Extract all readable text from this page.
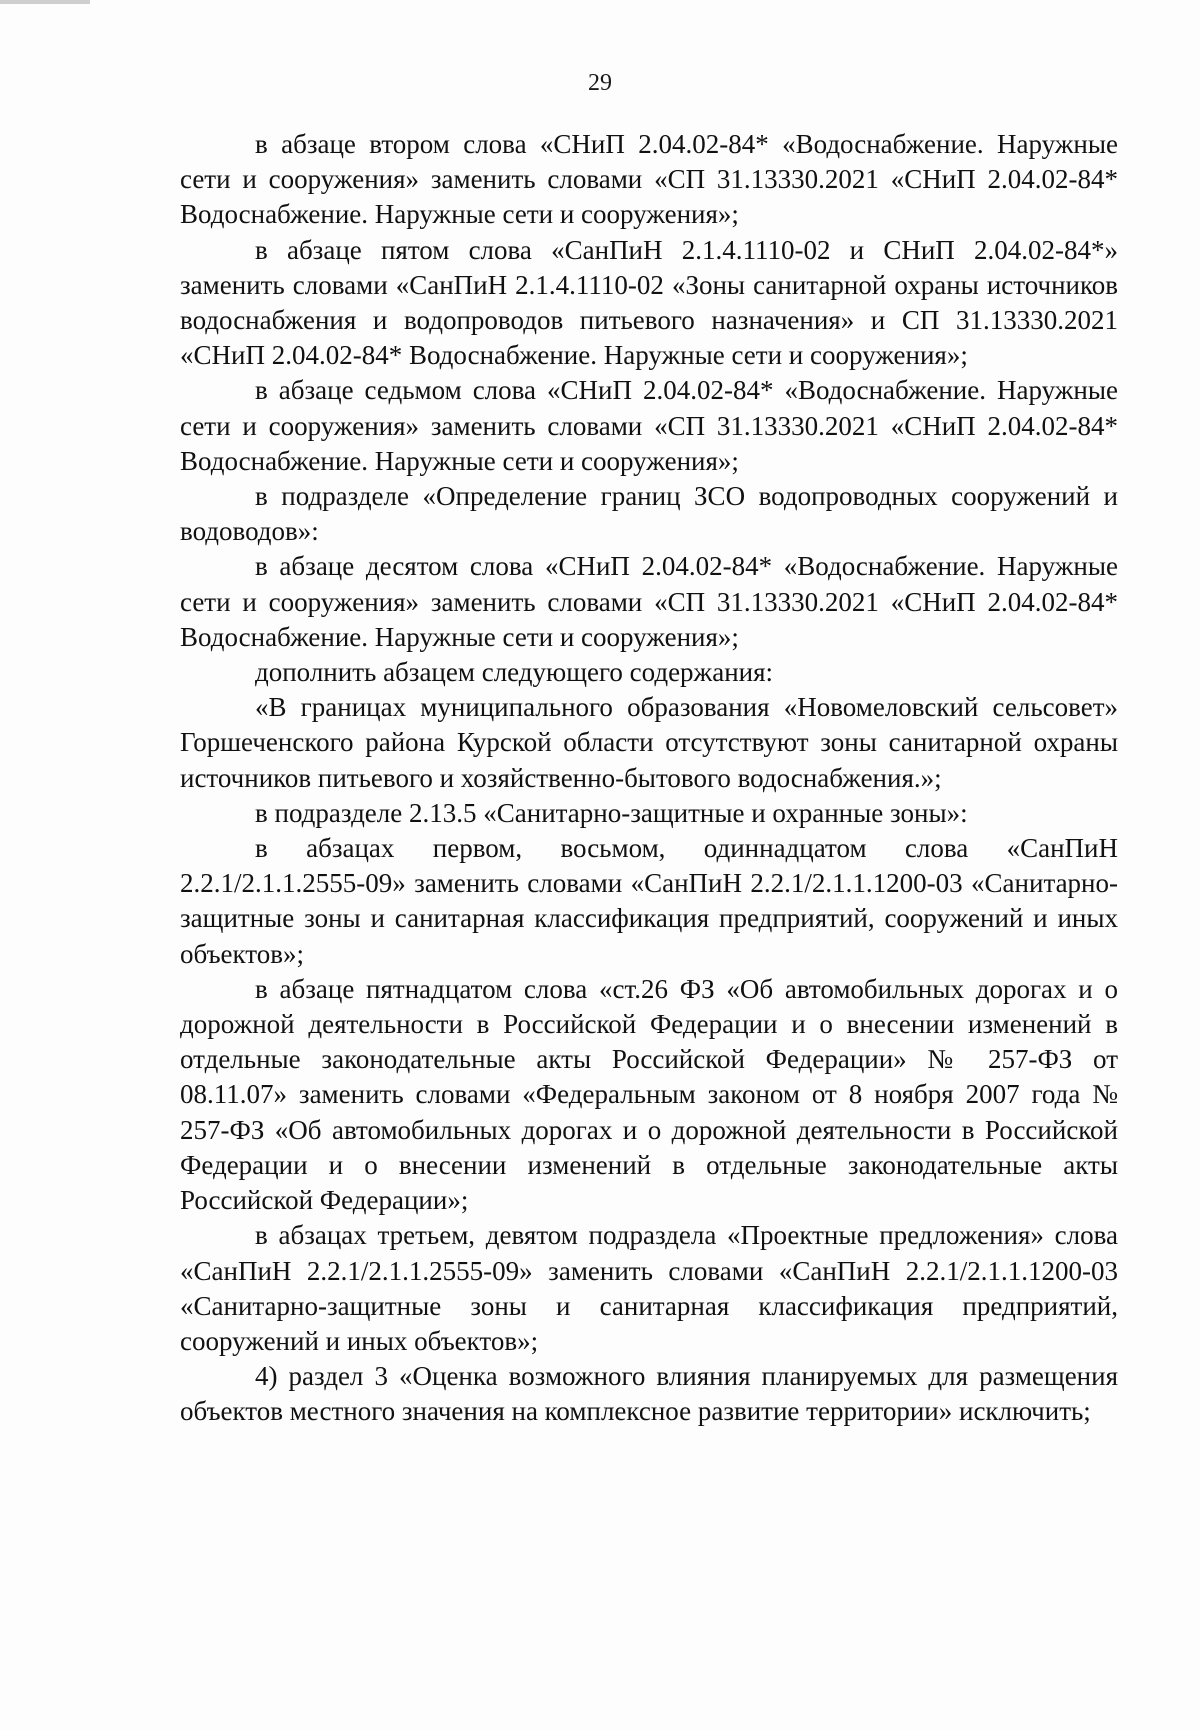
29

в абзаце втором слова «СНиП 2.04.02-84* «Водоснабжение. Наружные сети и сооружения» заменить словами «СП 31.13330.2021 «СНиП 2.04.02-84* Водоснабжение. Наружные сети и сооружения»;

в абзаце пятом слова «СанПиН 2.1.4.1110-02 и СНиП 2.04.02-84*» заменить словами «СанПиН 2.1.4.1110-02 «Зоны санитарной охраны источников водоснабжения и водопроводов питьевого назначения» и СП 31.13330.2021 «СНиП 2.04.02-84* Водоснабжение. Наружные сети и сооружения»;

в абзаце седьмом слова «СНиП 2.04.02-84* «Водоснабжение. Наружные сети и сооружения» заменить словами «СП 31.13330.2021 «СНиП 2.04.02-84* Водоснабжение. Наружные сети и сооружения»;

в подразделе «Определение границ ЗСО водопроводных сооружений и водоводов»:

в абзаце десятом слова «СНиП 2.04.02-84* «Водоснабжение. Наружные сети и сооружения» заменить словами «СП 31.13330.2021 «СНиП 2.04.02-84* Водоснабжение. Наружные сети и сооружения»;

дополнить абзацем следующего содержания:

«В границах муниципального образования «Новомеловский сельсовет» Горшеченского района Курской области отсутствуют зоны санитарной охраны источников питьевого и хозяйственно-бытового водоснабжения.»;

в подразделе 2.13.5 «Санитарно-защитные и охранные зоны»:

в абзацах первом, восьмом, одиннадцатом слова «СанПиН 2.2.1/2.1.1.2555-09» заменить словами «СанПиН 2.2.1/2.1.1.1200-03 «Санитарно-защитные зоны и санитарная классификация предприятий, сооружений и иных объектов»;

в абзаце пятнадцатом слова «ст.26 ФЗ «Об автомобильных дорогах и о дорожной деятельности в Российской Федерации и о внесении изменений в отдельные законодательные акты Российской Федерации» № 257-ФЗ от 08.11.07» заменить словами «Федеральным законом от 8 ноября 2007 года № 257-ФЗ «Об автомобильных дорогах и о дорожной деятельности в Российской Федерации и о внесении изменений в отдельные законодательные акты Российской Федерации»;

в абзацах третьем, девятом подраздела «Проектные предложения» слова «СанПиН 2.2.1/2.1.1.2555-09» заменить словами «СанПиН 2.2.1/2.1.1.1200-03 «Санитарно-защитные зоны и санитарная классификация предприятий, сооружений и иных объектов»;

4) раздел 3 «Оценка возможного влияния планируемых для размещения объектов местного значения на комплексное развитие территории» исключить;
